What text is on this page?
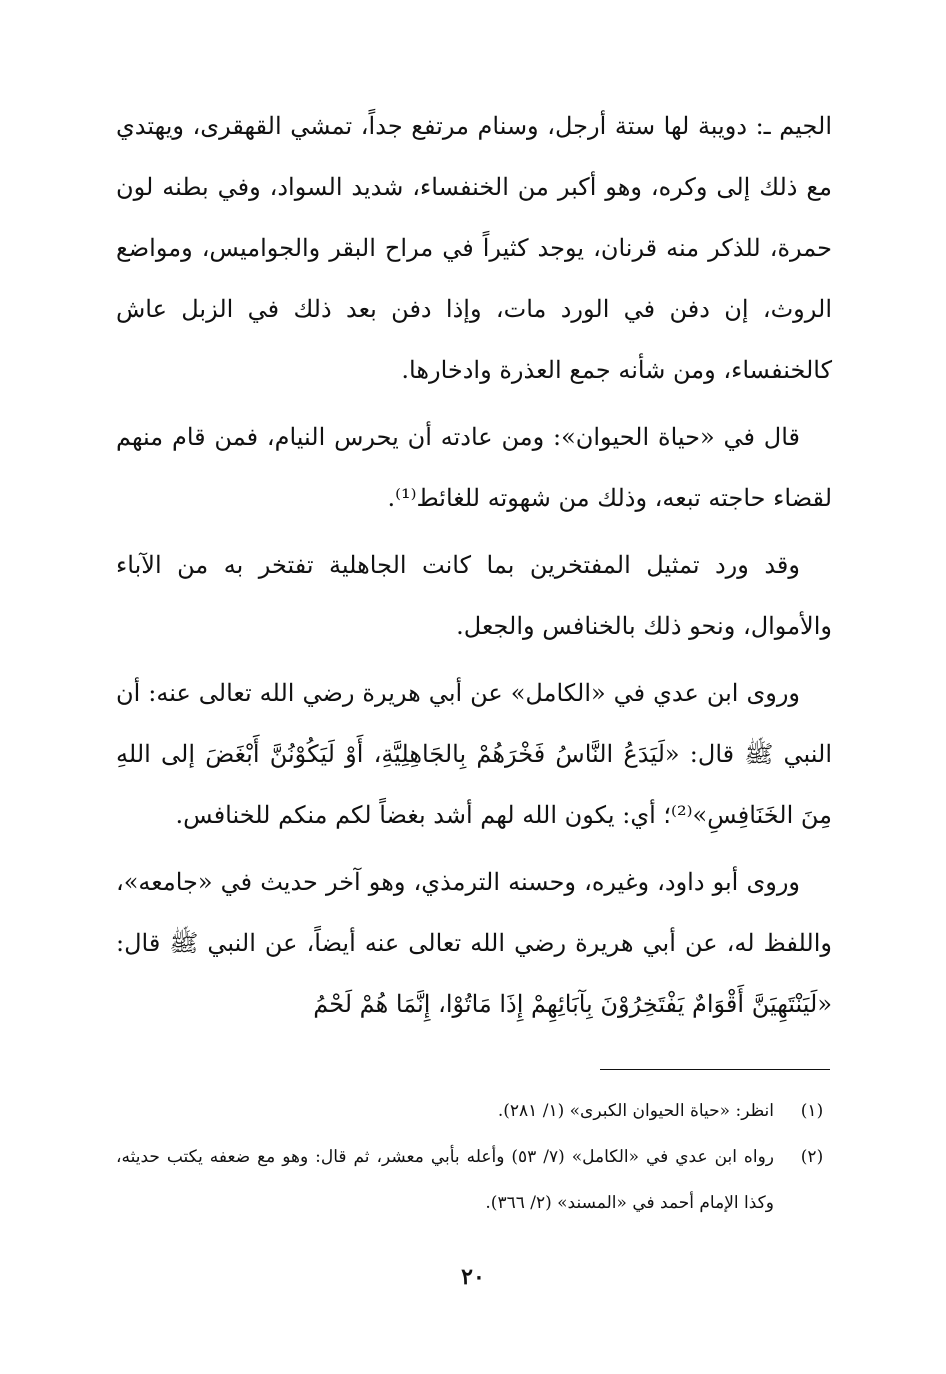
الجيم ـ: دويبة لها ستة أرجل، وسنام مرتفع جداً، تمشي القهقرى، ويهتدي مع ذلك إلى وكره، وهو أكبر من الخنفساء، شديد السواد، وفي بطنه لون حمرة، للذكر منه قرنان، يوجد كثيراً في مراح البقر والجواميس، ومواضع الروث، إن دفن في الورد مات، وإذا دفن بعد ذلك في الزبل عاش كالخنفساء، ومن شأنه جمع العذرة وادخارها.

قال في «حياة الحيوان»: ومن عادته أن يحرس النيام، فمن قام منهم لقضاء حاجته تبعه، وذلك من شهوته للغائط⁽¹⁾.

وقد ورد تمثيل المفتخرين بما كانت الجاهلية تفتخر به من الآباء والأموال، ونحو ذلك بالخنافس والجعل.

وروى ابن عدي في «الكامل» عن أبي هريرة رضي الله تعالى عنه: أن النبي ﷺ قال: «لَيَدَعُ النَّاسُ فَخْرَهُمْ بِالجَاهِلِيَّةِ، أَوْ لَيَكُوْنُنَّ أَبْغَضَ إلى اللهِ مِنَ الخَنَافِسِ»⁽²⁾؛ أي: يكون الله لهم أشد بغضاً لكم منكم للخنافس.

وروى أبو داود، وغيره، وحسنه الترمذي، وهو آخر حديث في «جامعه»، واللفظ له، عن أبي هريرة رضي الله تعالى عنه أيضاً، عن النبي ﷺ قال: «لَيَنْتَهِيَنَّ أَقْوَامٌ يَفْتَخِرُوْنَ بِآبَائِهِمْ إِذَا مَاتُوْا، إِنَّمَا هُمْ لَحْمُ

(١)
انظر: «حياة الحيوان الكبرى» (١/ ٢٨١).
(٢)
رواه ابن عدي في «الكامل» (٧/ ٥٣) وأعله بأبي معشر، ثم قال: وهو مع ضعفه يكتب حديثه، وكذا الإمام أحمد في «المسند» (٢/ ٣٦٦).
٢٠
